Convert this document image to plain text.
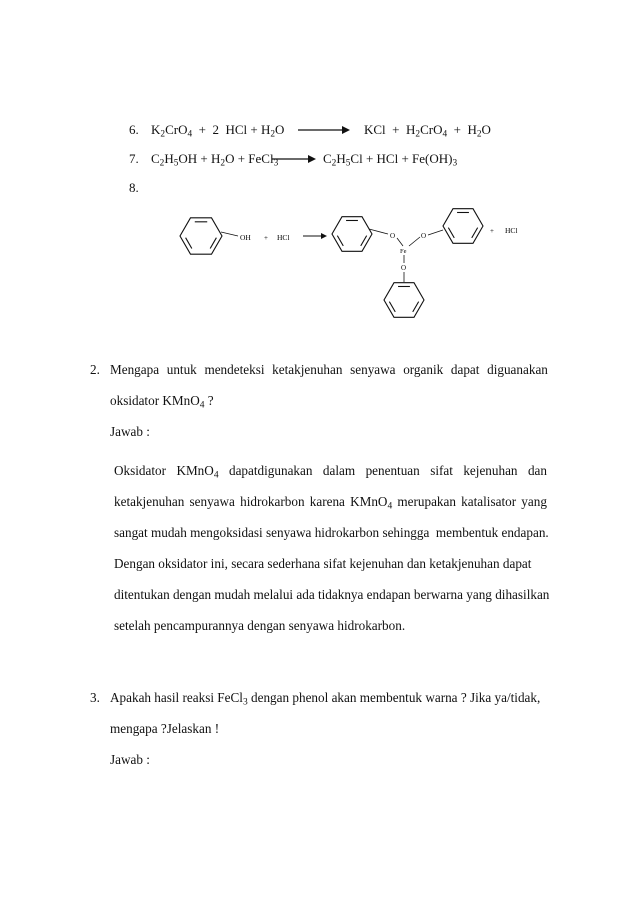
6. $K_2CrO_4 + 2$  HCl + $H_2O$ → KCl  +  $H_2CrO_4 + H_2O$
7. $C_2H_5OH + H_2O$ + FeCl$_3$ → $C_2H_5Cl$ + HCl + $Fe(OH)_3$
8.
OH + HCl	O
Fe
O
O
+ HCl
2. Mengapa untuk mendeteksi ketakjenuhan senyawa organik dapat diguanakan
oksidator KMnO$_4$ ?
Jawab :
Oksidator KMnO$_4$ dapatdigunakan dalam penentuan sifat kejenuhan dan
ketakjenuhan senyawa hidrokarbon karena KMnO$_4$ merupakan katalisator yang
sangat mudah mengoksidasi senyawa hidrokarbon sehingga  membentuk endapan.
Dengan oksidator ini, secara sederhana sifat kejenuhan dan ketakjenuhan dapat
ditentukan dengan mudah melalui ada tidaknya endapan berwarna yang dihasilkan
setelah pencampurannya dengan senyawa hidrokarbon.
3. Apakah hasil reaksi FeCl$_3$ dengan phenol akan membentuk warna ? Jika ya/tidak,
mengapa ?Jelaskan !
Jawab :
